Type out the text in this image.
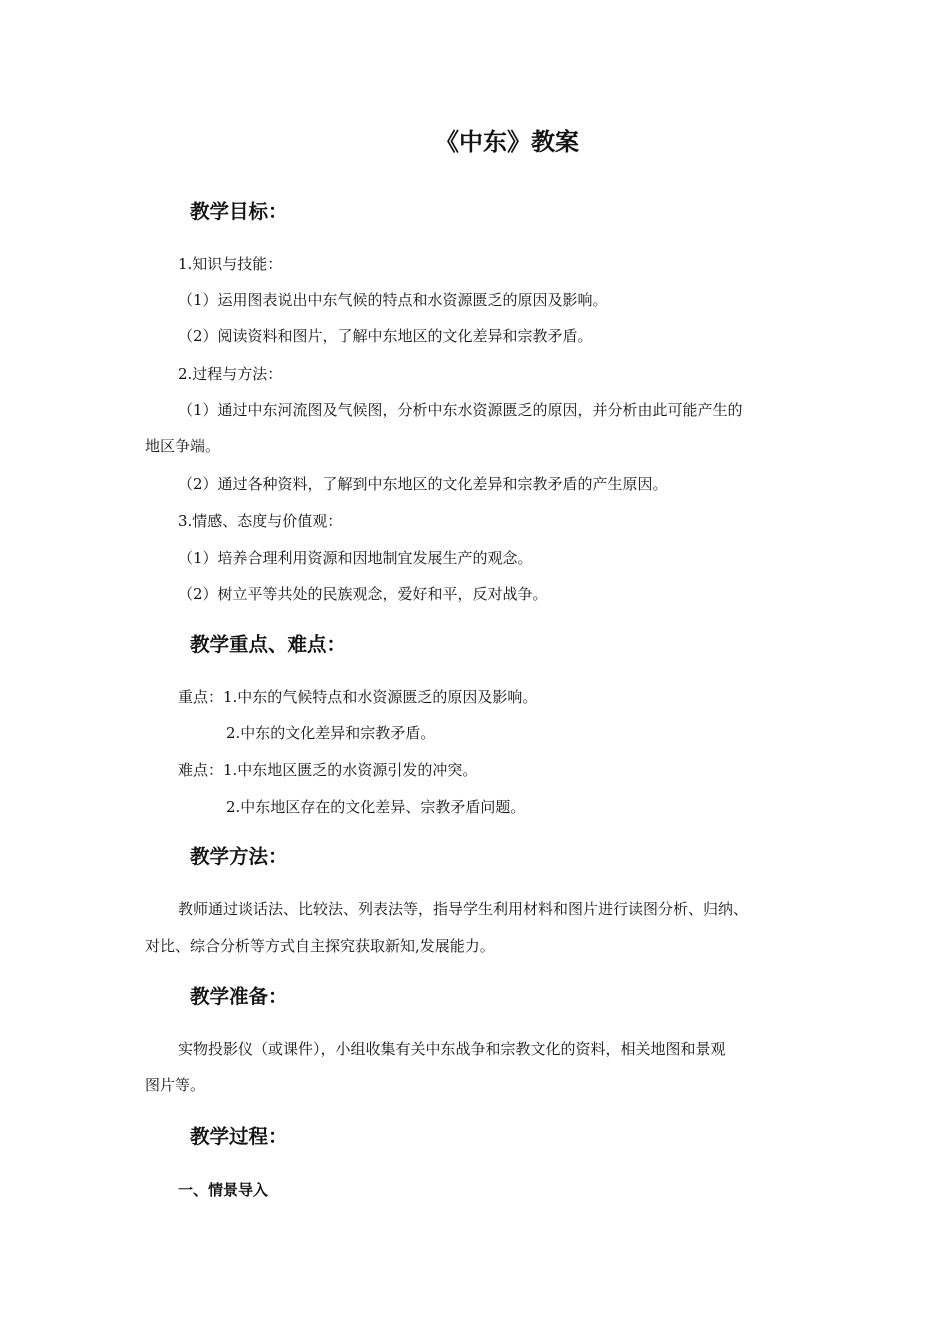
《中东》教案
教学目标：
1.知识与技能：
（1）运用图表说出中东气候的特点和水资源匮乏的原因及影响。
（2）阅读资料和图片，了解中东地区的文化差异和宗教矛盾。
2.过程与方法：
（1）通过中东河流图及气候图，分析中东水资源匮乏的原因，并分析由此可能产生的
地区争端。
（2）通过各种资料，了解到中东地区的文化差异和宗教矛盾的产生原因。
3.情感、态度与价值观：
（1）培养合理利用资源和因地制宜发展生产的观念。
（2）树立平等共处的民族观念，爱好和平，反对战争。
教学重点、难点：
重点：1.中东的气候特点和水资源匮乏的原因及影响。
2.中东的文化差异和宗教矛盾。
难点：1.中东地区匮乏的水资源引发的冲突。
2.中东地区存在的文化差异、宗教矛盾问题。
教学方法：
教师通过谈话法、比较法、列表法等，指导学生利用材料和图片进行读图分析、归纳、
对比、综合分析等方式自主探究获取新知,发展能力。
教学准备：
实物投影仪（或课件），小组收集有关中东战争和宗教文化的资料，相关地图和景观
图片等。
教学过程：
一、情景导入
